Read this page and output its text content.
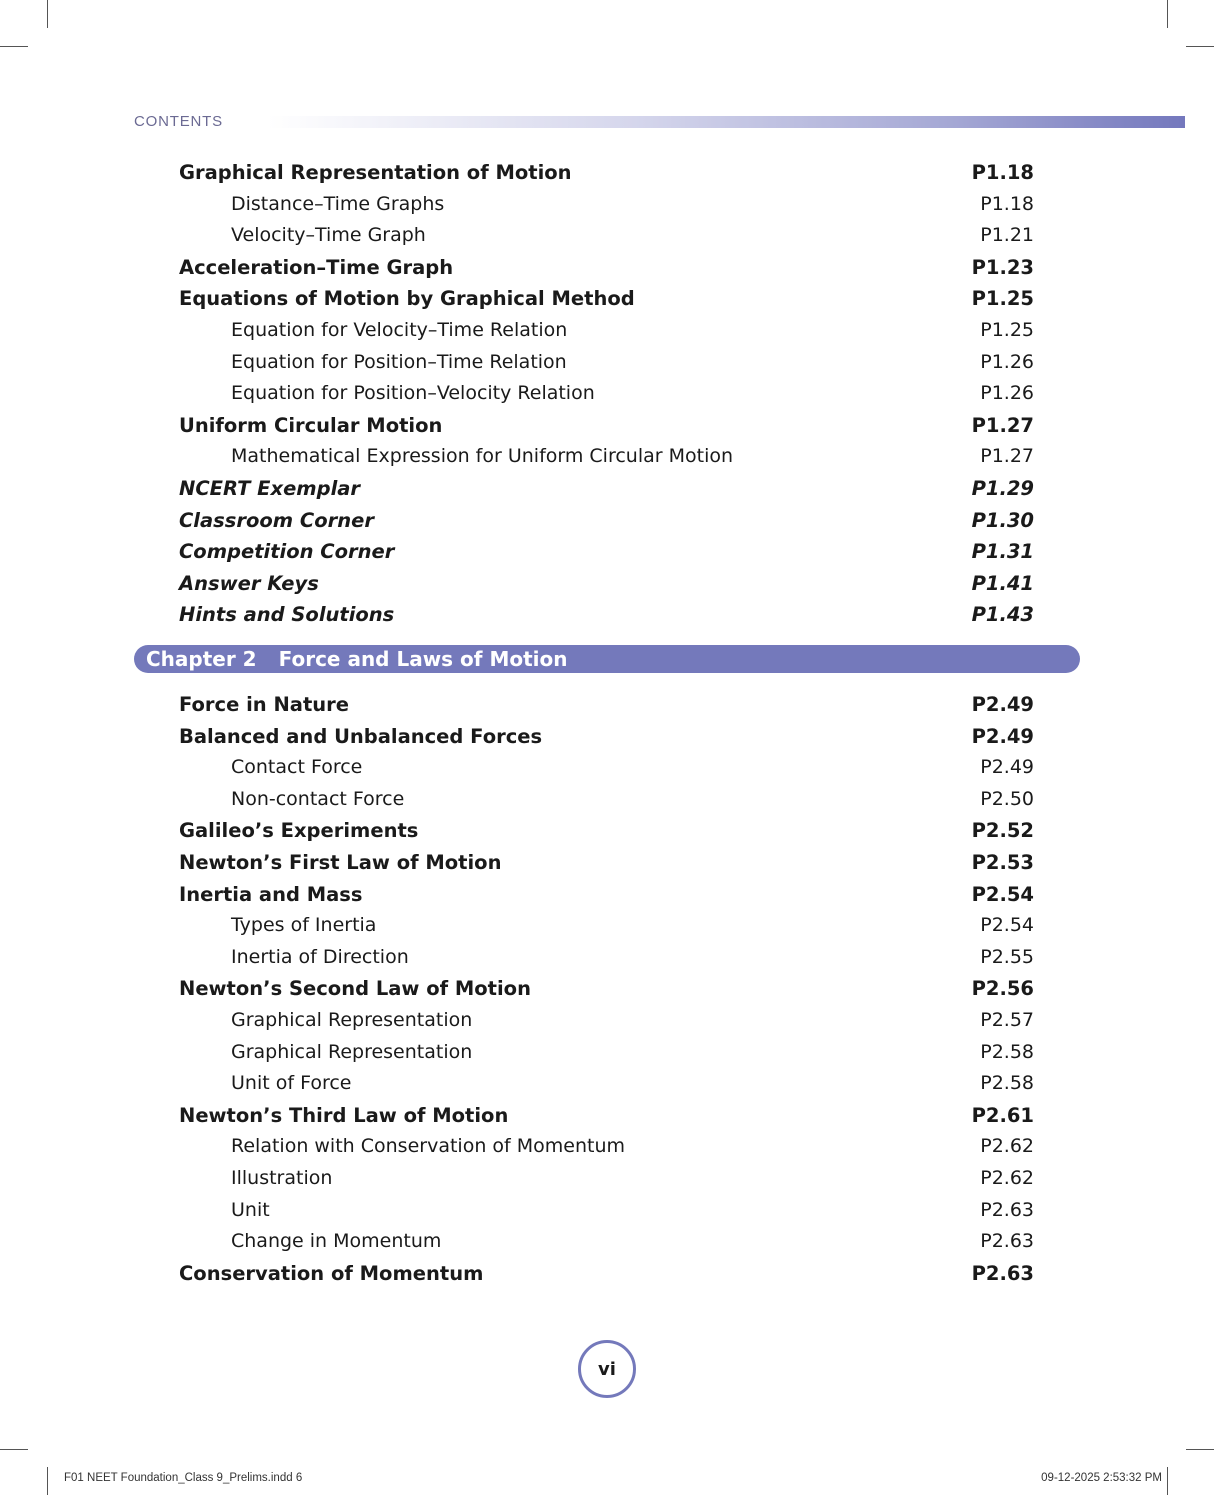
CONTENTS
Graphical Representation of Motion	P1.18
Distance–Time Graphs	P1.18
Velocity–Time Graph	P1.21
Acceleration–Time Graph	P1.23
Equations of Motion by Graphical Method	P1.25
Equation for Velocity–Time Relation	P1.25
Equation for Position–Time Relation	P1.26
Equation for Position–Velocity Relation	P1.26
Uniform Circular Motion	P1.27
Mathematical Expression for Uniform Circular Motion	P1.27
NCERT Exemplar	P1.29
Classroom Corner	P1.30
Competition Corner	P1.31
Answer Keys	P1.41
Hints and Solutions	P1.43
Chapter 2 Force and Laws of Motion
Force in Nature	P2.49
Balanced and Unbalanced Forces	P2.49
Contact Force	P2.49
Non-contact Force	P2.50
Galileo’s Experiments	P2.52
Newton’s First Law of Motion	P2.53
Inertia and Mass	P2.54
Types of Inertia	P2.54
Inertia of Direction	P2.55
Newton’s Second Law of Motion	P2.56
Graphical Representation	P2.57
Graphical Representation	P2.58
Unit of Force	P2.58
Newton’s Third Law of Motion	P2.61
Relation with Conservation of Momentum	P2.62
Illustration	P2.62
Unit	P2.63
Change in Momentum	P2.63
Conservation of Momentum	P2.63
vi
F01 NEET Foundation_Class 9_Prelims.indd 6	09-12-2025 2:53:32 PM
